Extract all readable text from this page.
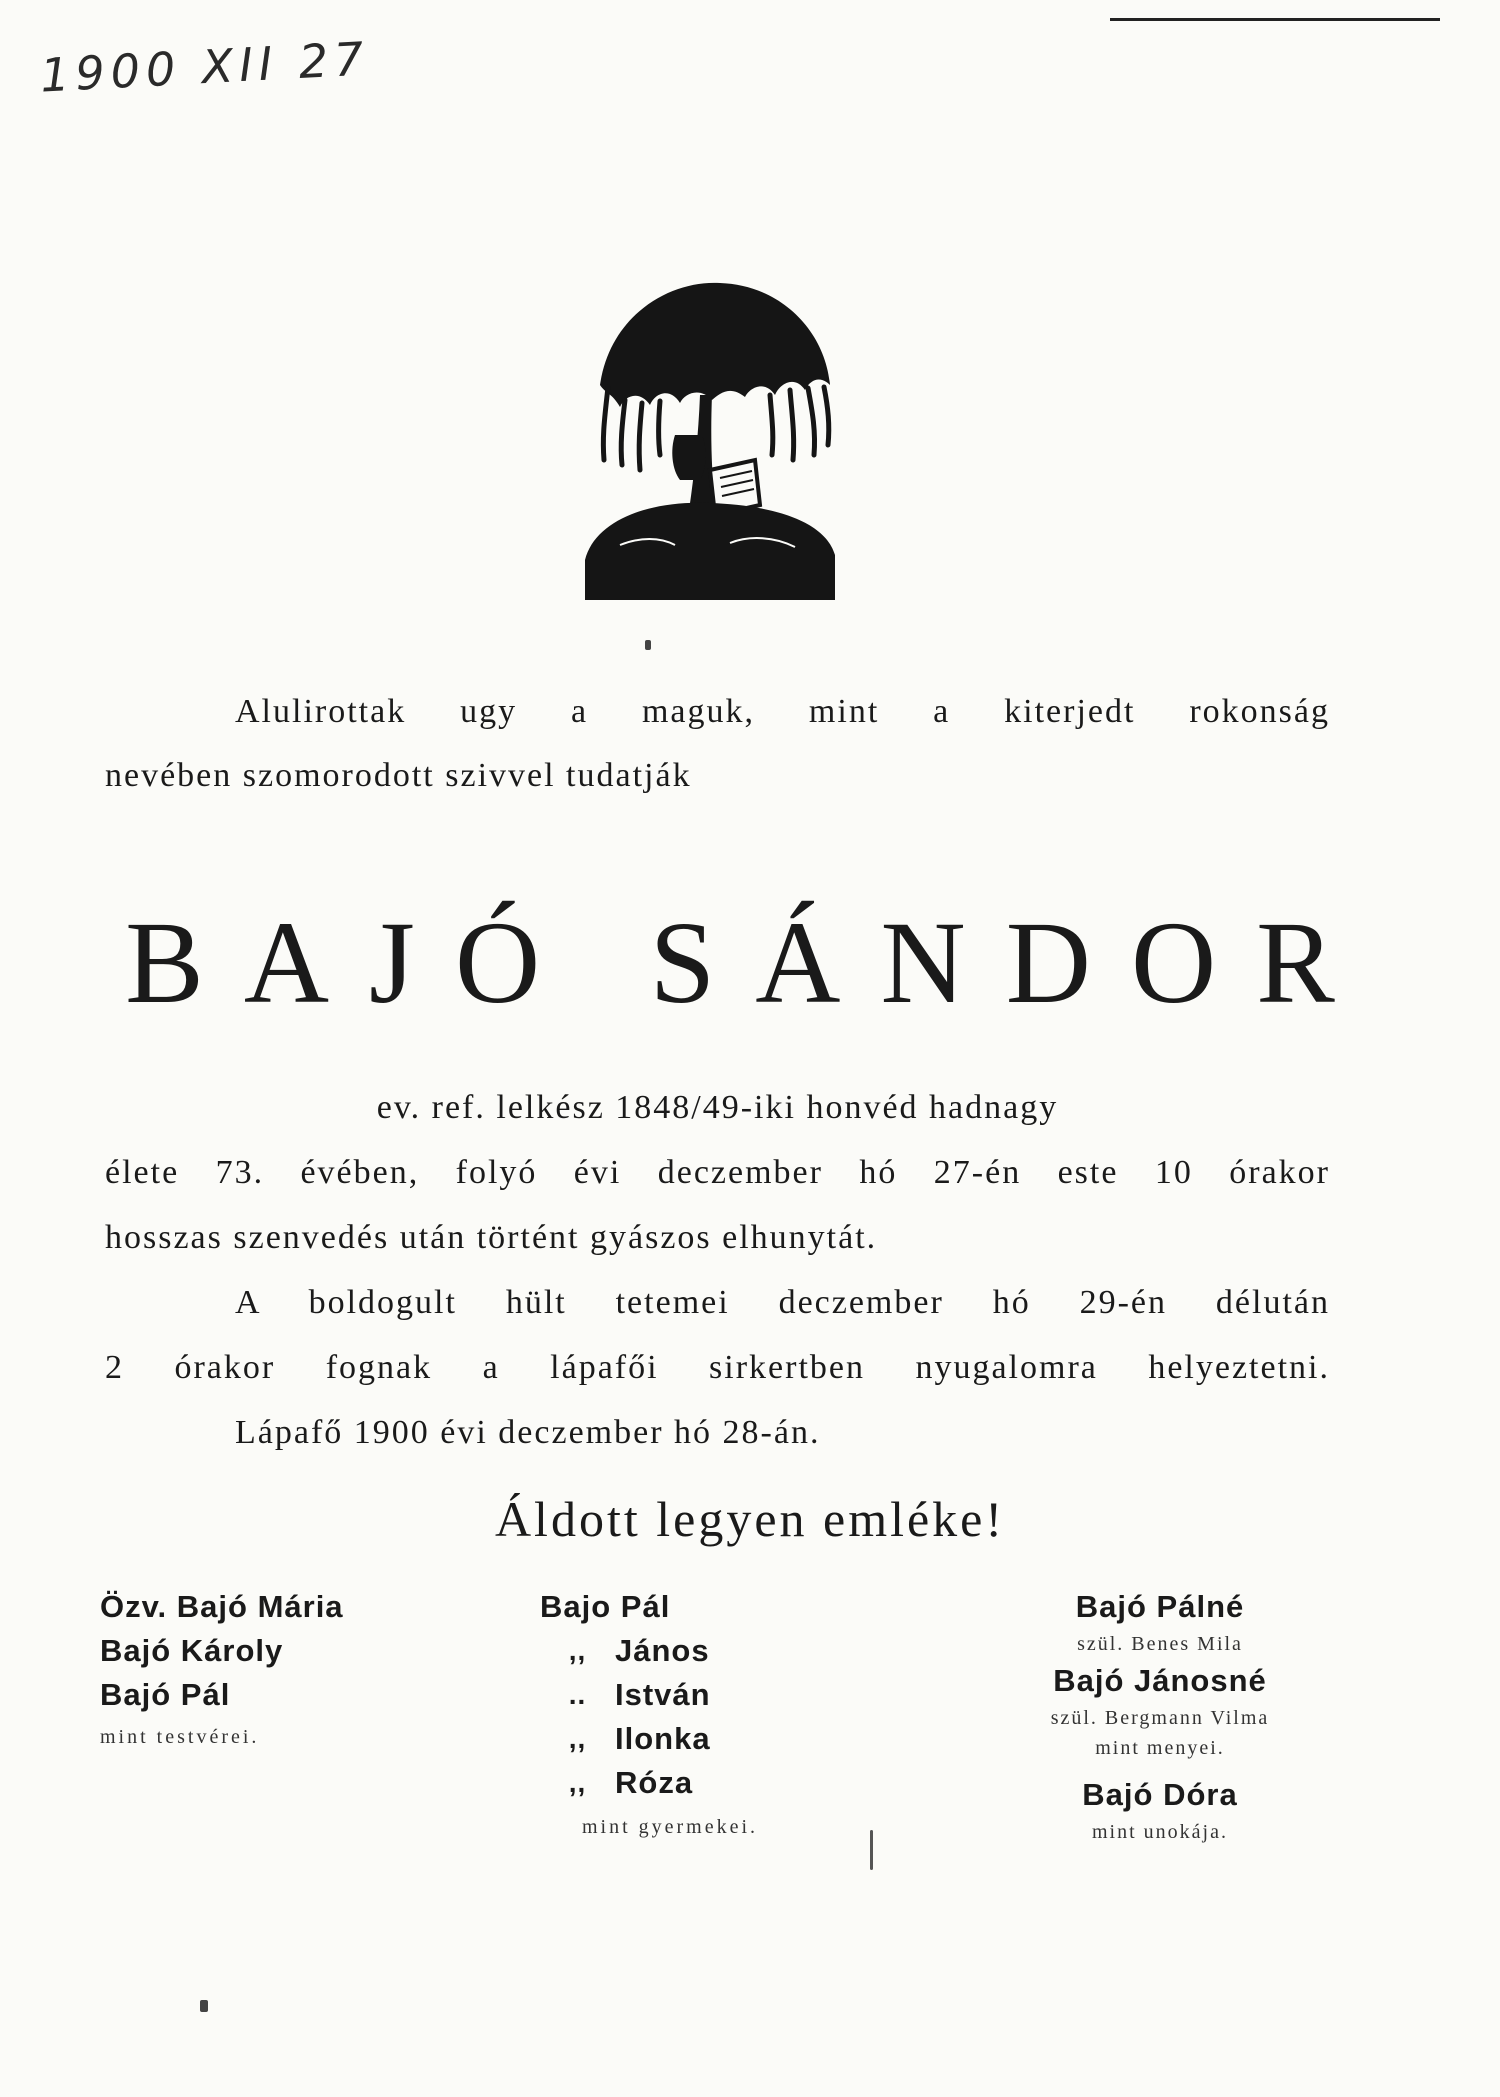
1900 XII 27
Alulirottak ugy a maguk, mint a kiterjedt rokonság
nevében szomorodott szivvel tudatják
BAJÓ SÁNDOR

ev. ref. lelkész 1848/49-iki honvéd hadnagy

élete 73. évében, folyó évi deczember hó 27-én este 10 órakor

hosszas szenvedés után történt gyászos elhunytát.

A boldogult hült tetemei deczember hó 29-én délután

2 órakor fognak a lápafői sirkertben nyugalomra helyeztetni.

Lápafő 1900 évi deczember hó 28-án.

Áldott legyen emléke!
Özv. Bajó Mária
Bajó Károly
Bajó Pál
mint testvérei.
Bajo Pál
,, János
.. István
,, Ilonka
,, Róza
mint gyermekei.
Bajó Pálné
szül. Benes Mila
Bajó Jánosné
szül. Bergmann Vilma
mint menyei.
Bajó Dóra
mint unokája.
